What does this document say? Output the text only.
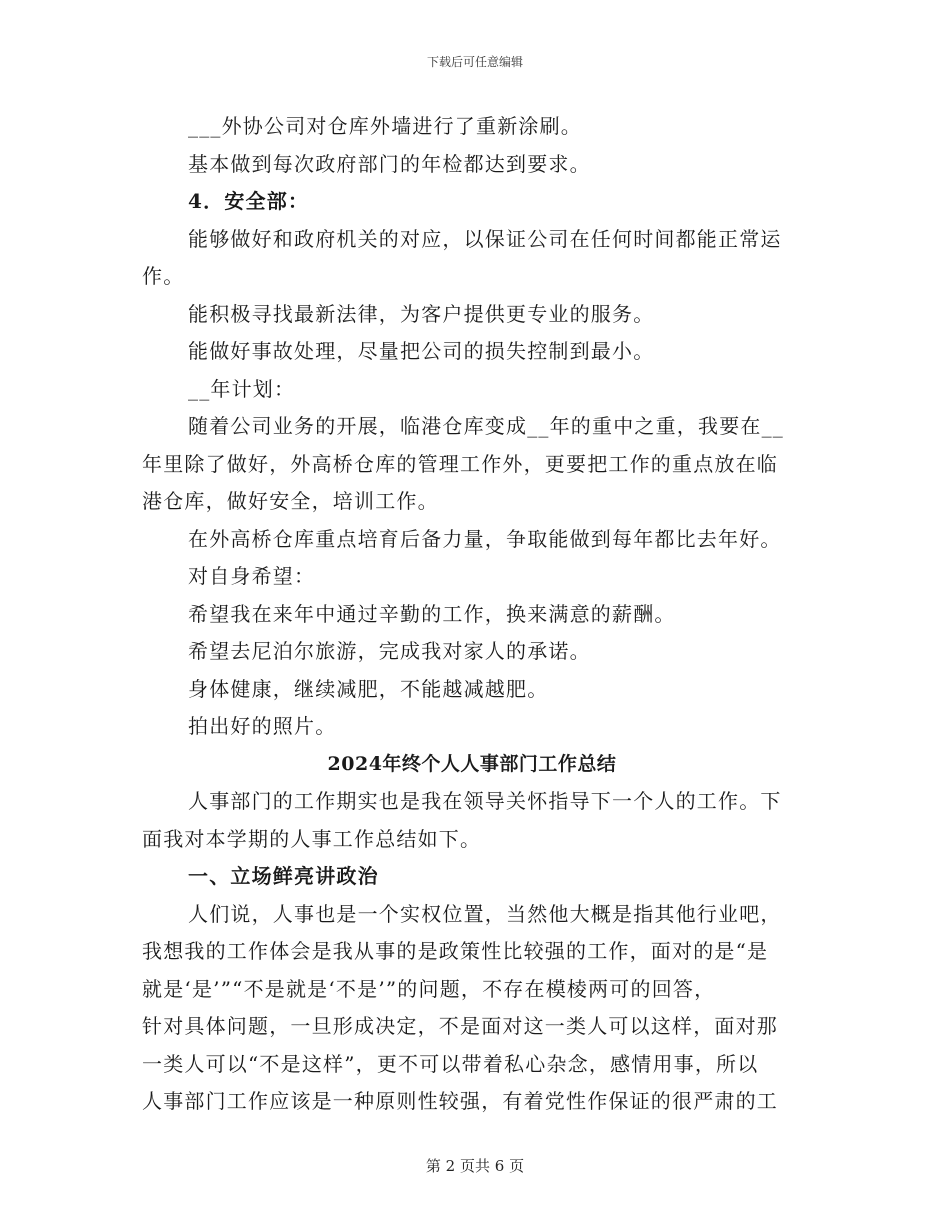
下载后可任意编辑
___外协公司对仓库外墙进行了重新涂刷。
基本做到每次政府部门的年检都达到要求。
4．安全部：
能够做好和政府机关的对应，以保证公司在任何时间都能正常运
作。
能积极寻找最新法律，为客户提供更专业的服务。
能做好事故处理，尽量把公司的损失控制到最小。
__年计划：
随着公司业务的开展，临港仓库变成__年的重中之重，我要在__
年里除了做好，外高桥仓库的管理工作外，更要把工作的重点放在临
港仓库，做好安全，培训工作。
在外高桥仓库重点培育后备力量，争取能做到每年都比去年好。
对自身希望：
希望我在来年中通过辛勤的工作，换来满意的薪酬。
希望去尼泊尔旅游，完成我对家人的承诺。
身体健康，继续减肥，不能越减越肥。
拍出好的照片。
2024年终个人人事部门工作总结
人事部门的工作期实也是我在领导关怀指导下一个人的工作。下
面我对本学期的人事工作总结如下。
一、立场鲜亮讲政治
人们说，人事也是一个实权位置，当然他大概是指其他行业吧，
我想我的工作体会是我从事的是政策性比较强的工作，面对的是“是
就是‘是’”“不是就是‘不是’”的问题，不存在模棱两可的回答，
针对具体问题，一旦形成决定，不是面对这一类人可以这样，面对那
一类人可以“不是这样”，更不可以带着私心杂念，感情用事，所以
人事部门工作应该是一种原则性较强，有着党性作保证的很严肃的工
第 2 页共 6 页
